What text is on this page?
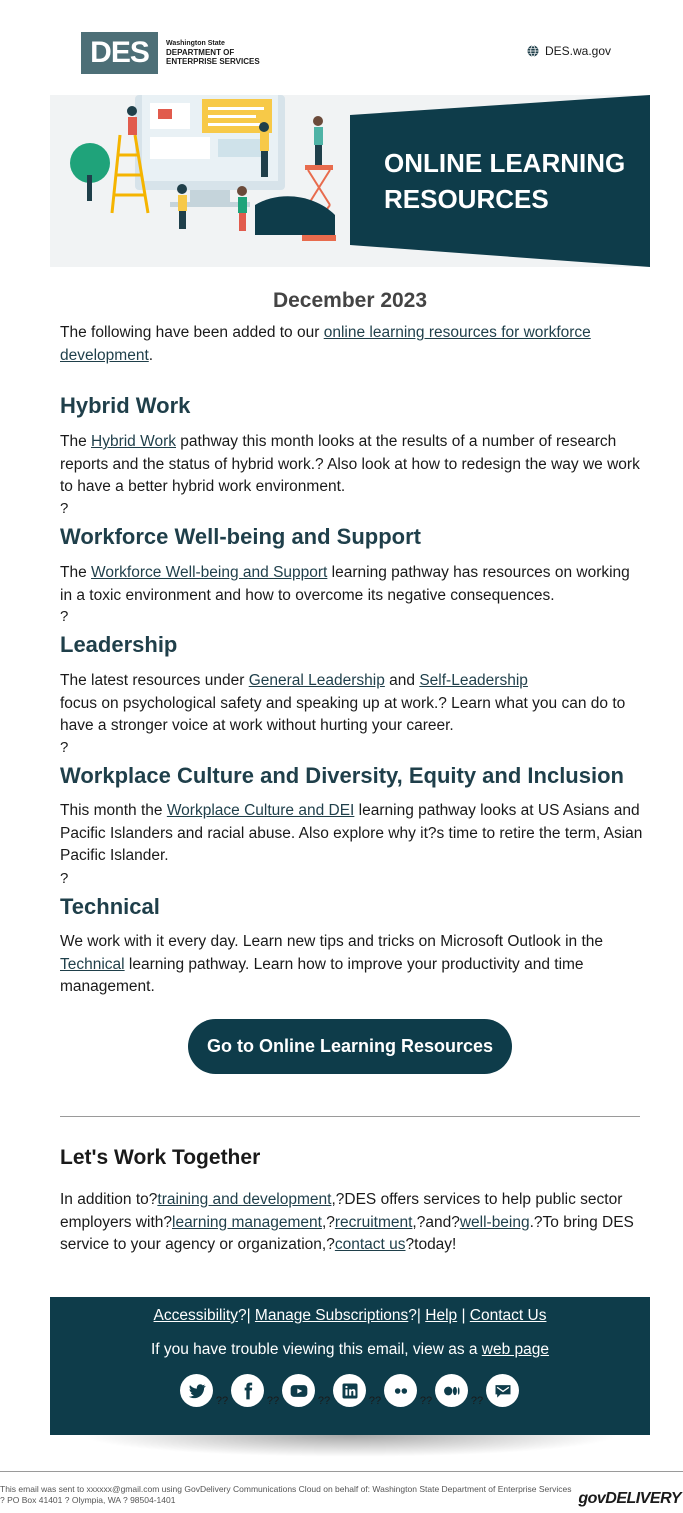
DES	Washington State
DEPARTMENT OF
ENTERPRISE SERVICES
DES.wa.gov
ONLINE LEARNING
RESOURCES
December 2023
The following have been added to our online learning resources for workforce development.
Hybrid Work
The Hybrid Work pathway this month looks at the results of a number of research reports and the status of hybrid work.? Also look at how to redesign the way we work to have a better hybrid work environment.
?
Workforce Well-being and Support
The Workforce Well-being and Support learning pathway has resources on working in a toxic environment and how to overcome its negative consequences.
?
Leadership
The latest resources under General Leadership and Self-Leadership
focus on psychological safety and speaking up at work.? Learn what you can do to have a stronger voice at work without hurting your career.
?
Workplace Culture and Diversity, Equity and Inclusion
This month the Workplace Culture and DEI learning pathway looks at US Asians and Pacific Islanders and racial abuse. Also explore why it?s time to retire the term, Asian Pacific Islander.
?
Technical
We work with it every day. Learn new tips and tricks on Microsoft Outlook in the Technical learning pathway. Learn how to improve your productivity and time management.
Go to Online Learning Resources
Let's Work Together
In addition to?training and development,?DES offers services to help public sector employers with?learning management,?recruitment,?and?well-being.?To bring DES service to your agency or organization,?contact us?today!
Accessibility?| Manage Subscriptions?| Help | Contact Us
If you have trouble viewing this email, view as a web page
??	??	??	??	??	??
This email was sent to xxxxxx@gmail.com using GovDelivery Communications Cloud on behalf of: Washington State Department of Enterprise Services ? PO Box 41401 ? Olympia, WA ? 98504-1401	govDELIVERY
